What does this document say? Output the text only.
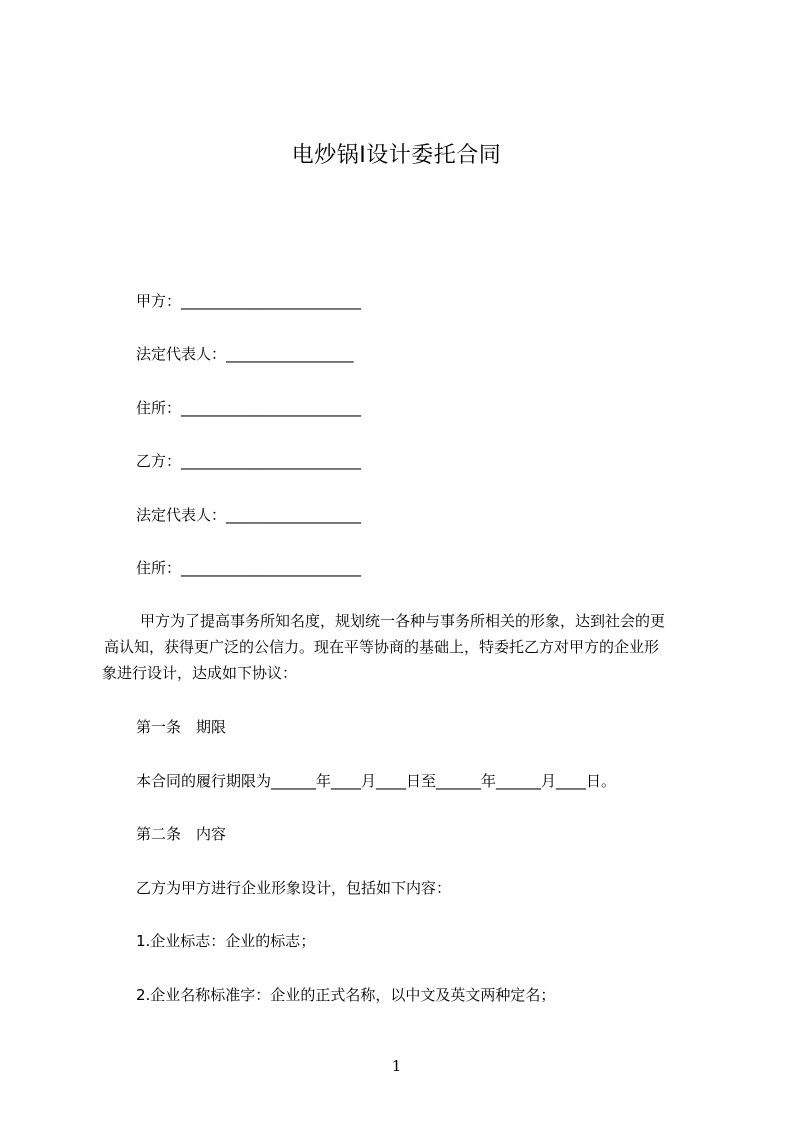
电炒锅Ⅰ设计委托合同
甲方：________________________
法定代表人：_________________
住所：________________________
乙方：________________________
法定代表人：__________________
住所：________________________
甲方为了提高事务所知名度，规划统一各种与事务所相关的形象，达到社会的更
高认知，获得更广泛的公信力。现在平等协商的基础上，特委托乙方对甲方的企业形
象进行设计，达成如下协议：
第一条　期限
本合同的履行期限为______年____月____日至______年______月____日。
第二条　内容
乙方为甲方进行企业形象设计，包括如下内容：
1.企业标志：企业的标志；
2.企业名称标准字：企业的正式名称，以中文及英文两种定名；
1
